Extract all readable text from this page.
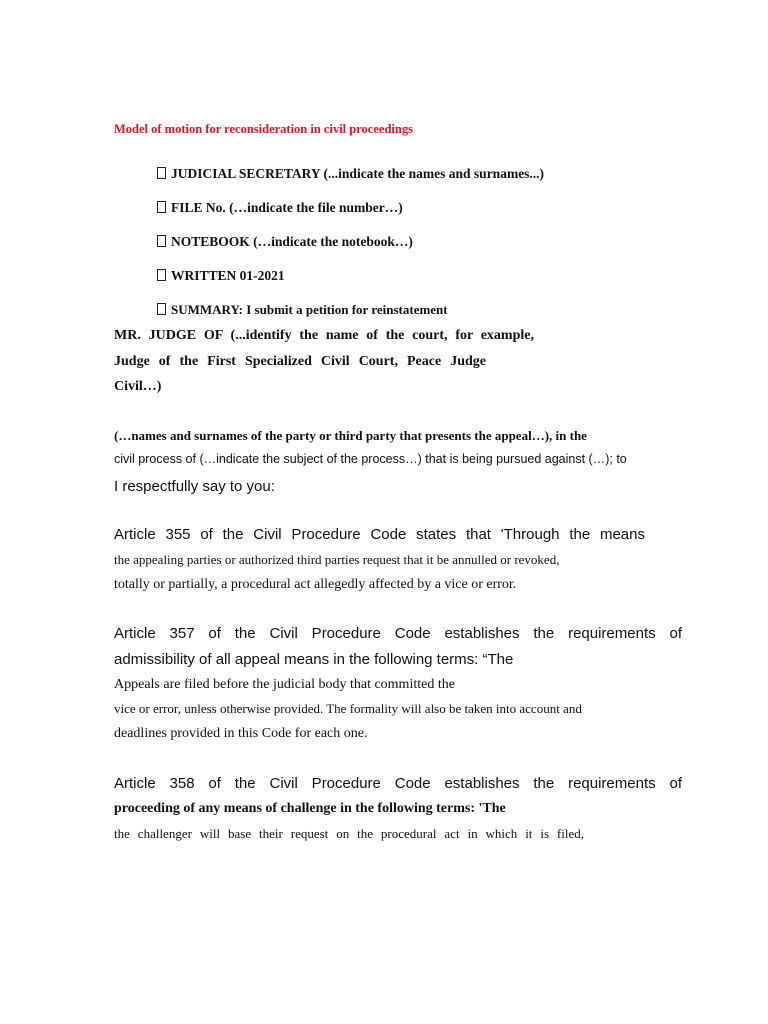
Model of motion for reconsideration in civil proceedings
JUDICIAL SECRETARY (...indicate the names and surnames...)
FILE No. (…indicate the file number…)
NOTEBOOK (…indicate the notebook…)
WRITTEN 01-2021
SUMMARY: I submit a petition for reinstatement
MR. JUDGE OF (...identify the name of the court, for example,
Judge of the First Specialized Civil Court, Peace Judge
Civil…)
(…names and surnames of the party or third party that presents the appeal…), in the
civil process of (…indicate the subject of the process…) that is being pursued against (…); to
I respectfully say to you:
Article 355 of the Civil Procedure Code states that 'Through the means
the appealing parties or authorized third parties request that it be annulled or revoked,
totally or partially, a procedural act allegedly affected by a vice or error.
Article 357 of the Civil Procedure Code establishes the requirements of
admissibility of all appeal means in the following terms: “The
Appeals are filed before the judicial body that committed the
vice or error, unless otherwise provided. The formality will also be taken into account and
deadlines provided in this Code for each one.
Article 358 of the Civil Procedure Code establishes the requirements of
proceeding of any means of challenge in the following terms: 'The
the challenger will base their request on the procedural act in which it is filed,
